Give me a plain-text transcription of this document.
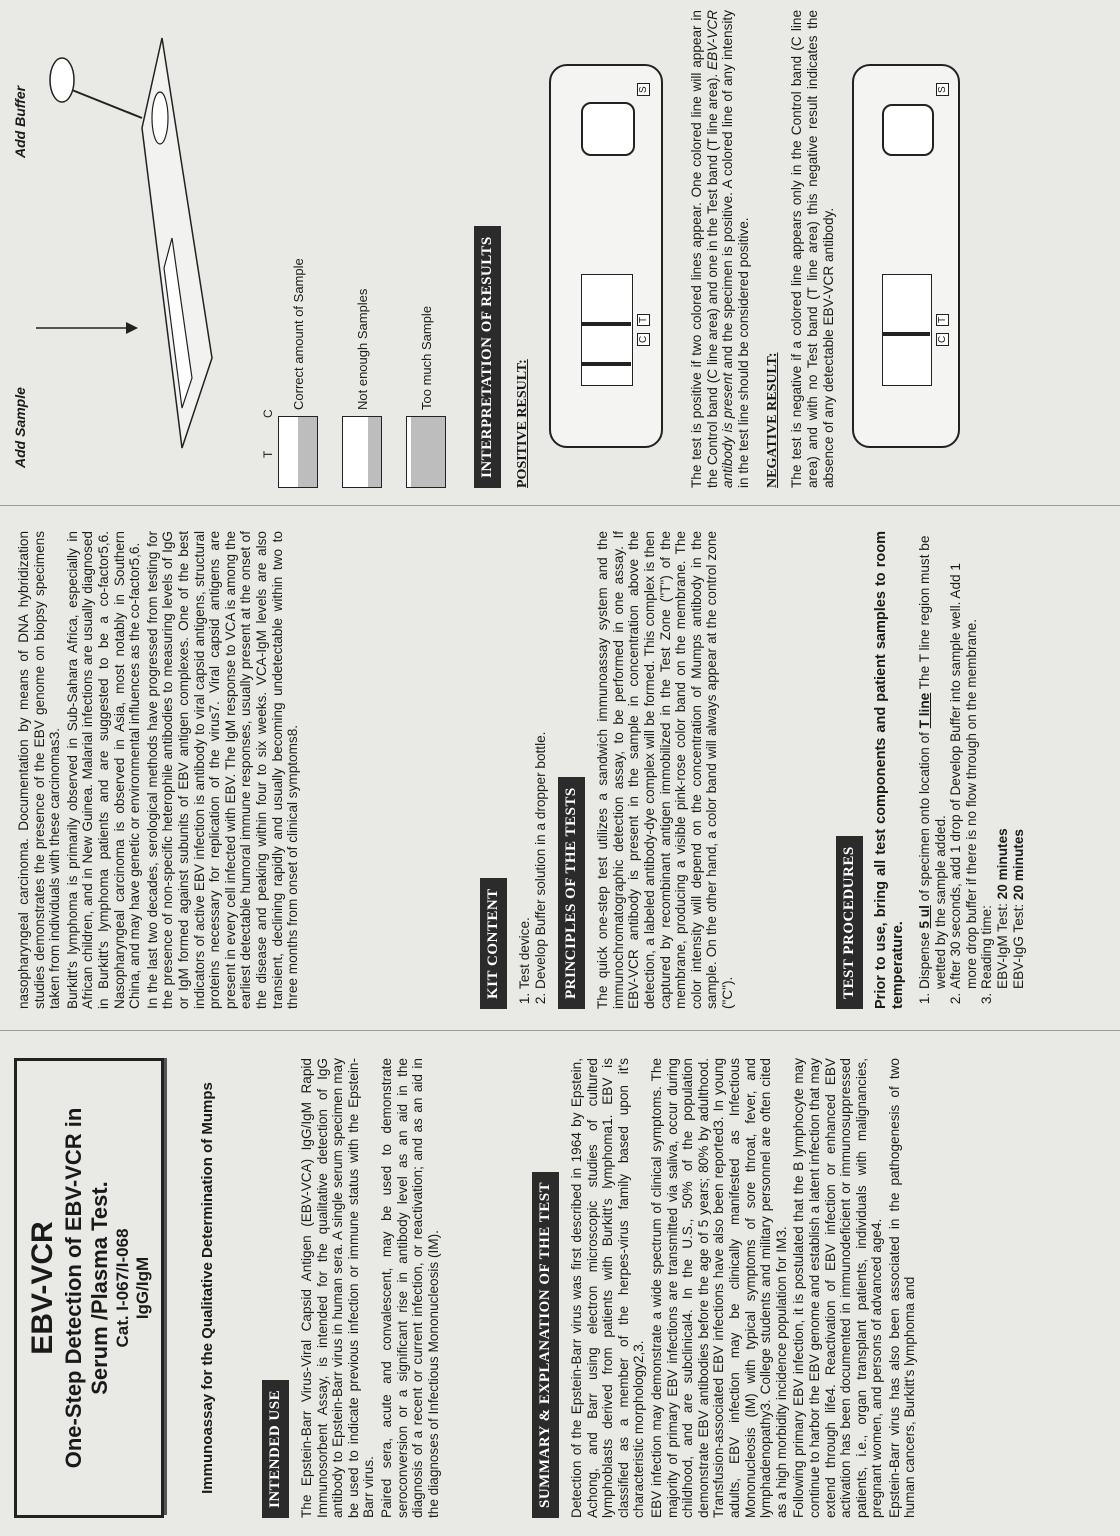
EBV-VCR One-Step Detection of EBV-VCR in Serum /Plasma Test. Cat. I-067/I-068 IgG/IgM	Immunoassay for the Qualitative Determination of Mumps	INTENDED USE The Epstein-Barr Virus-Viral Capsid Antigen (EBV-VCA) IgG/IgM Rapid Immunosorbent Assay, is intended for the qualitative detection of IgG antibody to Epstein-Barr virus in human sera. A single serum specimen may be used to indicate previous infection or immune status with the Epstein-Barr virus. Paired sera, acute and convalescent, may be used to demonstrate seroconversion or a significant rise in antibody level as an aid in the diagnosis of a recent or current infection, or reactivation; and as an aid in the diagnoses of Infectious Mononucleosis (IM).	SUMMARY & EXPLANATION OF THE TEST Detection of the Epstein-Barr virus was first described in 1964 by Epstein, Achong, and Barr using electron microscopic studies of cultured lymphoblasts derived from patients with Burkitt's lymphoma1. EBV is classified as a member of the herpes-virus family based upon it's characteristic morphology2,3. EBV infection may demonstrate a wide spectrum of clinical symptoms. The majority of primary EBV infections are transmitted via saliva, occur during childhood, and are subclinical4. In the U.S., 50% of the population demonstrate EBV antibodies before the age of 5 years; 80% by adulthood. Transfusion-associated EBV infections have also been reported3. In young adults, EBV infection may be clinically manifested as Infectious Mononucleosis (IM) with typical symptoms of sore throat, fever, and lymphadenopathy3. College students and military personnel are often cited as a high morbidity incidence population for IM3. Following primary EBV infection, it is postulated that the B lymphocyte may continue to harbor the EBV genome and establish a latent infection that may extend through life4. Reactivation of EBV infection or enhanced EBV activation has been documented in immunodeficient or immunosuppressed patients, i.e., organ transplant patients, individuals with malignancies, pregnant women, and persons of advanced age4. Epstein-Barr virus has also been associated in the pathogenesis of two human cancers, Burkitt's lymphoma and

nasopharyngeal carcinoma. Documentation by means of DNA hybridization studies demonstrates the presence of the EBV genome on biopsy specimens taken from individuals with these carcinomas3. Burkitt's lymphoma is primarily observed in Sub-Sahara Africa, especially in African children, and in New Guinea. Malarial infections are usually diagnosed in Burkitt's lymphoma patients and are suggested to be a co-factor5,6. Nasopharyngeal carcinoma is observed in Asia, most notably in Southern China, and may have genetic or environmental influences as the co-factor5,6. In the last two decades, serological methods have progressed from testing for the presence of non-specific heterophile antibodies to measuring levels of IgG or IgM formed against subunits of EBV antigen complexes. One of the best indicators of active EBV infection is antibody to viral capsid antigens, structural proteins necessary for replication of the virus7. Viral capsid antigens are present in every cell infected with EBV. The IgM response to VCA is among the earliest detectable humoral immune responses, usually present at the onset of the disease and peaking within four to six weeks. VCA-IgM levels are also transient, declining rapidly and usually becoming undetectable within two to three months from onset of clinical symptoms8.	KIT CONTENT 1. Test device. 2. Develop Buffer solution in a dropper bottle. PRINCIPLES OF THE TESTS The quick one-step test utilizes a sandwich immunoassay system and the immunochromatographic detection assay, to be performed in one assay. If EBV-VCR antibody is present in the sample in concentration above the detection, a labeled antibody-dye complex will be formed. This complex is then captured by recombinant antigen immobilized in the Test Zone ("T") of the membrane, producing a visible pink-rose color band on the membrane. The color intensity will depend on the concentration of Mumps antibody in the sample. On the other hand, a color band will always appear at the control zone ("C").	TEST PROCEDURES Prior to use, bring all test components and patient samples to room temperature. 1. Dispense 5 ul of specimen onto location of T line The T line region must be wetted by the sample added. 2. After 30 seconds, add 1 drop of Develop Buffer into sample well. Add 1 more drop buffer if there is no flow through on the membrane. 3. Reading time:
EBV-IgM Test: 20 minutes
EBV-IgG Test: 20 minutes
Add Sample
Add Buffer
T
C
Correct amount of Sample	Not enough Samples	Too much Sample	INTERPRETATION OF RESULTS POSITIVE RESULT:
C
T
S	The test is positive if two colored lines appear. One colored line will appear in the Control band (C line area) and one in the Test band (T line area). EBV-VCR antibody is present and the specimen is positive. A colored line of any intensity in the test line should be considered positive. NEGATIVE RESULT: The test is negative if a colored line appears only in the Control band (C line area) and with no Test band (T line area) this negative result indicates the absence of any detectable EBV-VCR antibody.	C
T
S
